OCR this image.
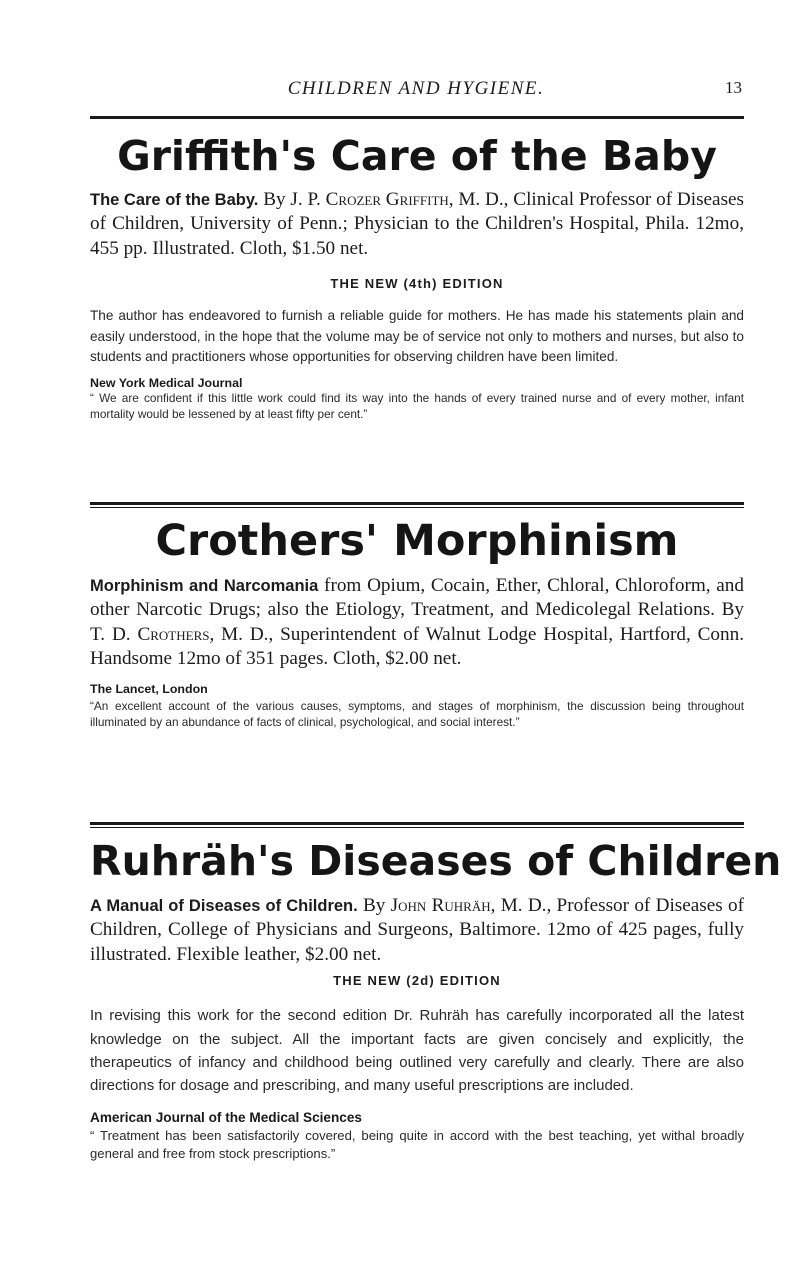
CHILDREN AND HYGIENE.	13
Griffith's Care of the Baby

The Care of the Baby. By J. P. Crozer Griffith, M. D., Clinical Professor of Diseases of Children, University of Penn.; Physician to the Children's Hospital, Phila. 12mo, 455 pp. Illustrated. Cloth, $1.50 net.

THE NEW (4th) EDITION

The author has endeavored to furnish a reliable guide for mothers. He has made his statements plain and easily understood, in the hope that the volume may be of service not only to mothers and nurses, but also to students and practitioners whose opportunities for observing children have been limited.

New York Medical Journal

“ We are confident if this little work could find its way into the hands of every trained nurse and of every mother, infant mortality would be lessened by at least fifty per cent.”

Crothers' Morphinism

Morphinism and Narcomania from Opium, Cocain, Ether, Chloral, Chloroform, and other Narcotic Drugs; also the Etiology, Treatment, and Medicolegal Relations. By T. D. Crothers, M. D., Superintendent of Walnut Lodge Hospital, Hartford, Conn. Handsome 12mo of 351 pages. Cloth, $2.00 net.

The Lancet, London

“An excellent account of the various causes, symptoms, and stages of morphinism, the discussion being throughout illuminated by an abundance of facts of clinical, psychological, and social interest.”

Ruhräh's Diseases of Children

A Manual of Diseases of Children. By John Ruhräh, M. D., Professor of Diseases of Children, College of Physicians and Surgeons, Baltimore. 12mo of 425 pages, fully illustrated. Flexible leather, $2.00 net.

THE NEW (2d) EDITION

In revising this work for the second edition Dr. Ruhräh has carefully incorporated all the latest knowledge on the subject. All the important facts are given concisely and explicitly, the therapeutics of infancy and childhood being outlined very carefully and clearly. There are also directions for dosage and prescribing, and many useful prescriptions are included.

American Journal of the Medical Sciences

“ Treatment has been satisfactorily covered, being quite in accord with the best teaching, yet withal broadly general and free from stock prescriptions.”
